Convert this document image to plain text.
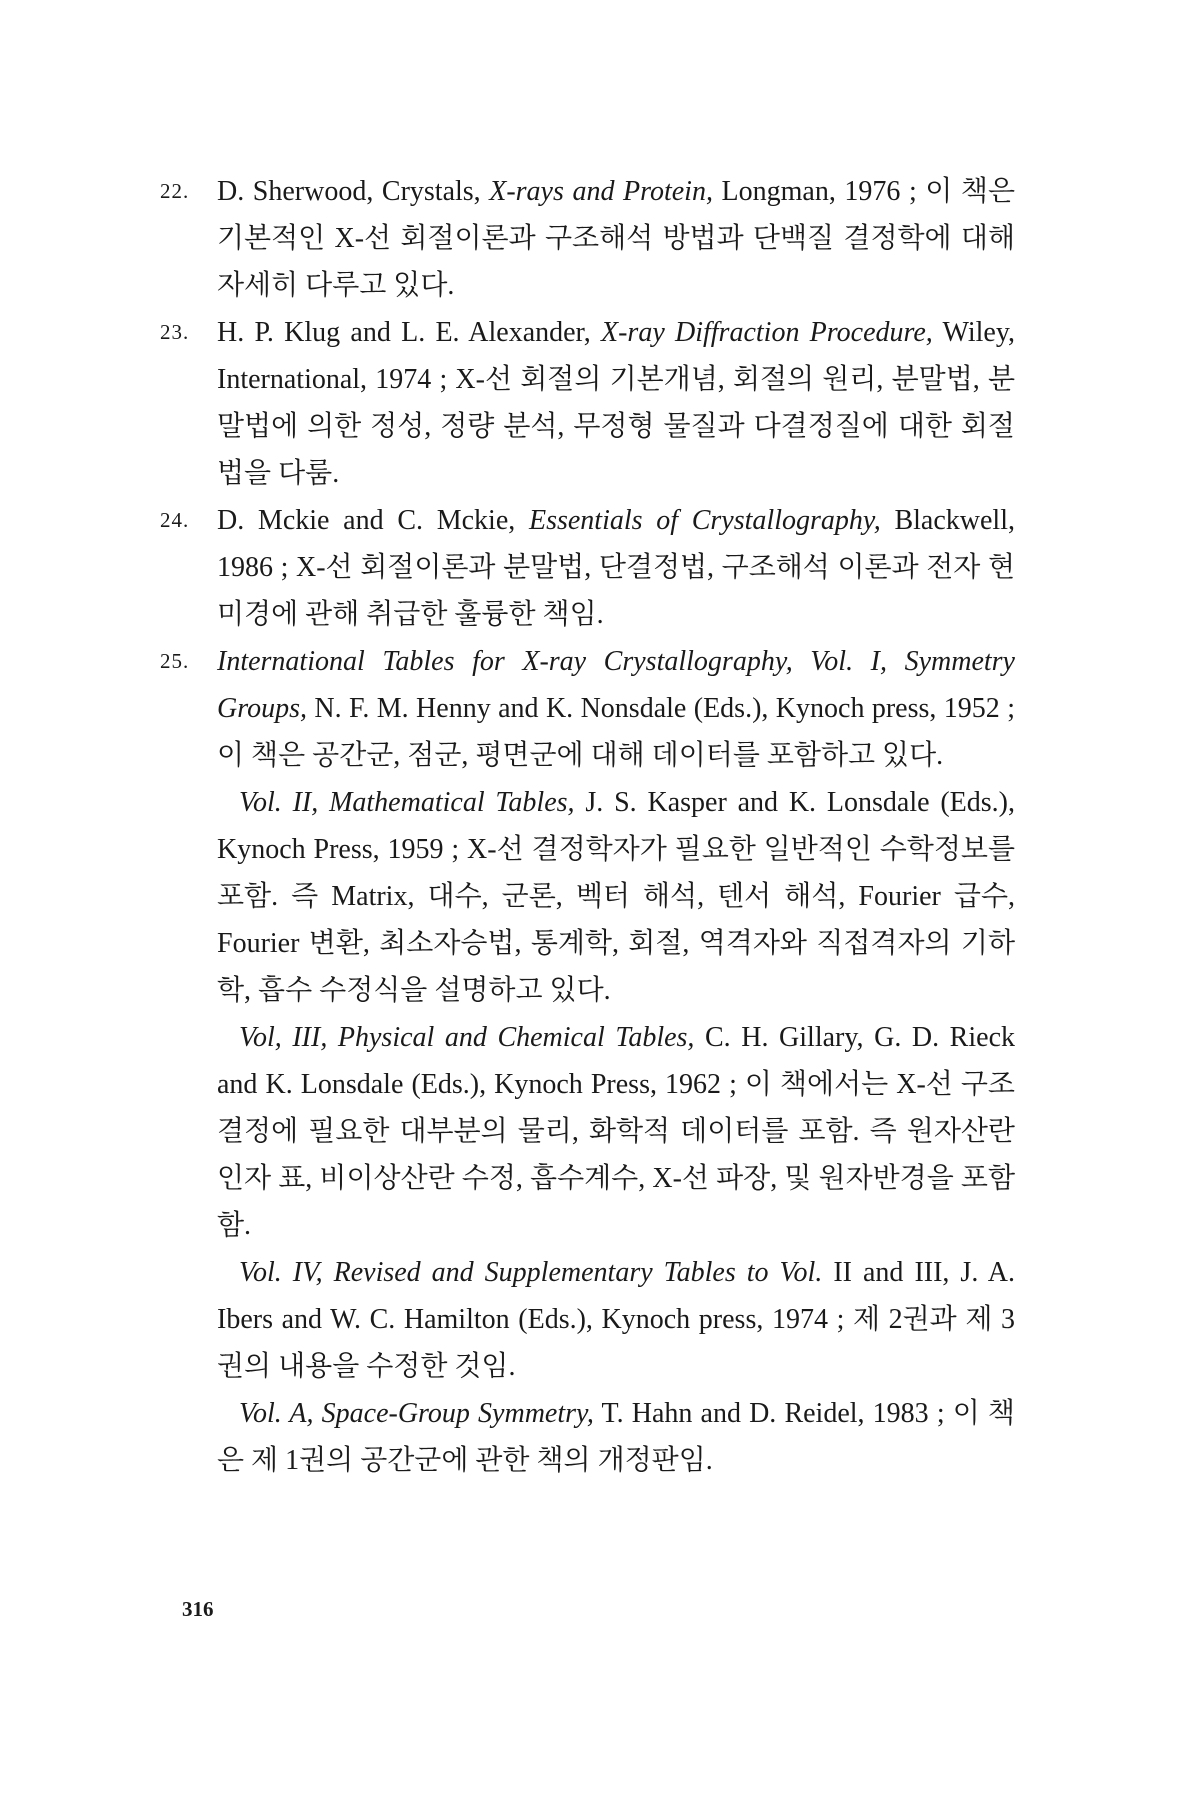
22. D. Sherwood, Crystals, X-rays and Protein, Longman, 1976 ; 이 책은 기본적인 X-선 회절이론과 구조해석 방법과 단백질 결정학에 대해 자세히 다루고 있다.
23. H. P. Klug and L. E. Alexander, X-ray Diffraction Procedure, Wiley, International, 1974 ; X-선 회절의 기본개념, 회절의 원리, 분말법, 분말법에 의한 정성, 정량 분석, 무정형 물질과 다결정질에 대한 회절법을 다룸.
24. D. Mckie and C. Mckie, Essentials of Crystallography, Blackwell, 1986 ; X-선 회절이론과 분말법, 단결정법, 구조해석 이론과 전자 현미경에 관해 취급한 훌륭한 책임.
25. International Tables for X-ray Crystallography, Vol. I, Symmetry Groups, N. F. M. Henny and K. Nonsdale (Eds.), Kynoch press, 1952 ; 이 책은 공간군, 점군, 평면군에 대해 데이터를 포함하고 있다.
Vol. II, Mathematical Tables, J. S. Kasper and K. Lonsdale (Eds.), Kynoch Press, 1959 ; X-선 결정학자가 필요한 일반적인 수학정보를 포함. 즉 Matrix, 대수, 군론, 벡터 해석, 텐서 해석, Fourier 급수, Fourier 변환, 최소자승법, 통계학, 회절, 역격자와 직접격자의 기하학, 흡수 수정식을 설명하고 있다.
Vol, III, Physical and Chemical Tables, C. H. Gillary, G. D. Rieck and K. Lonsdale (Eds.), Kynoch Press, 1962 ; 이 책에서는 X-선 구조결정에 필요한 대부분의 물리, 화학적 데이터를 포함. 즉 원자산란인자 표, 비이상산란 수정, 흡수계수, X-선 파장, 및 원자반경을 포함함.
Vol. IV, Revised and Supplementary Tables to Vol. II and III, J. A. Ibers and W. C. Hamilton (Eds.), Kynoch press, 1974 ; 제 2권과 제 3권의 내용을 수정한 것임.
Vol. A, Space-Group Symmetry, T. Hahn and D. Reidel, 1983 ; 이 책은 제 1권의 공간군에 관한 책의 개정판임.
316
